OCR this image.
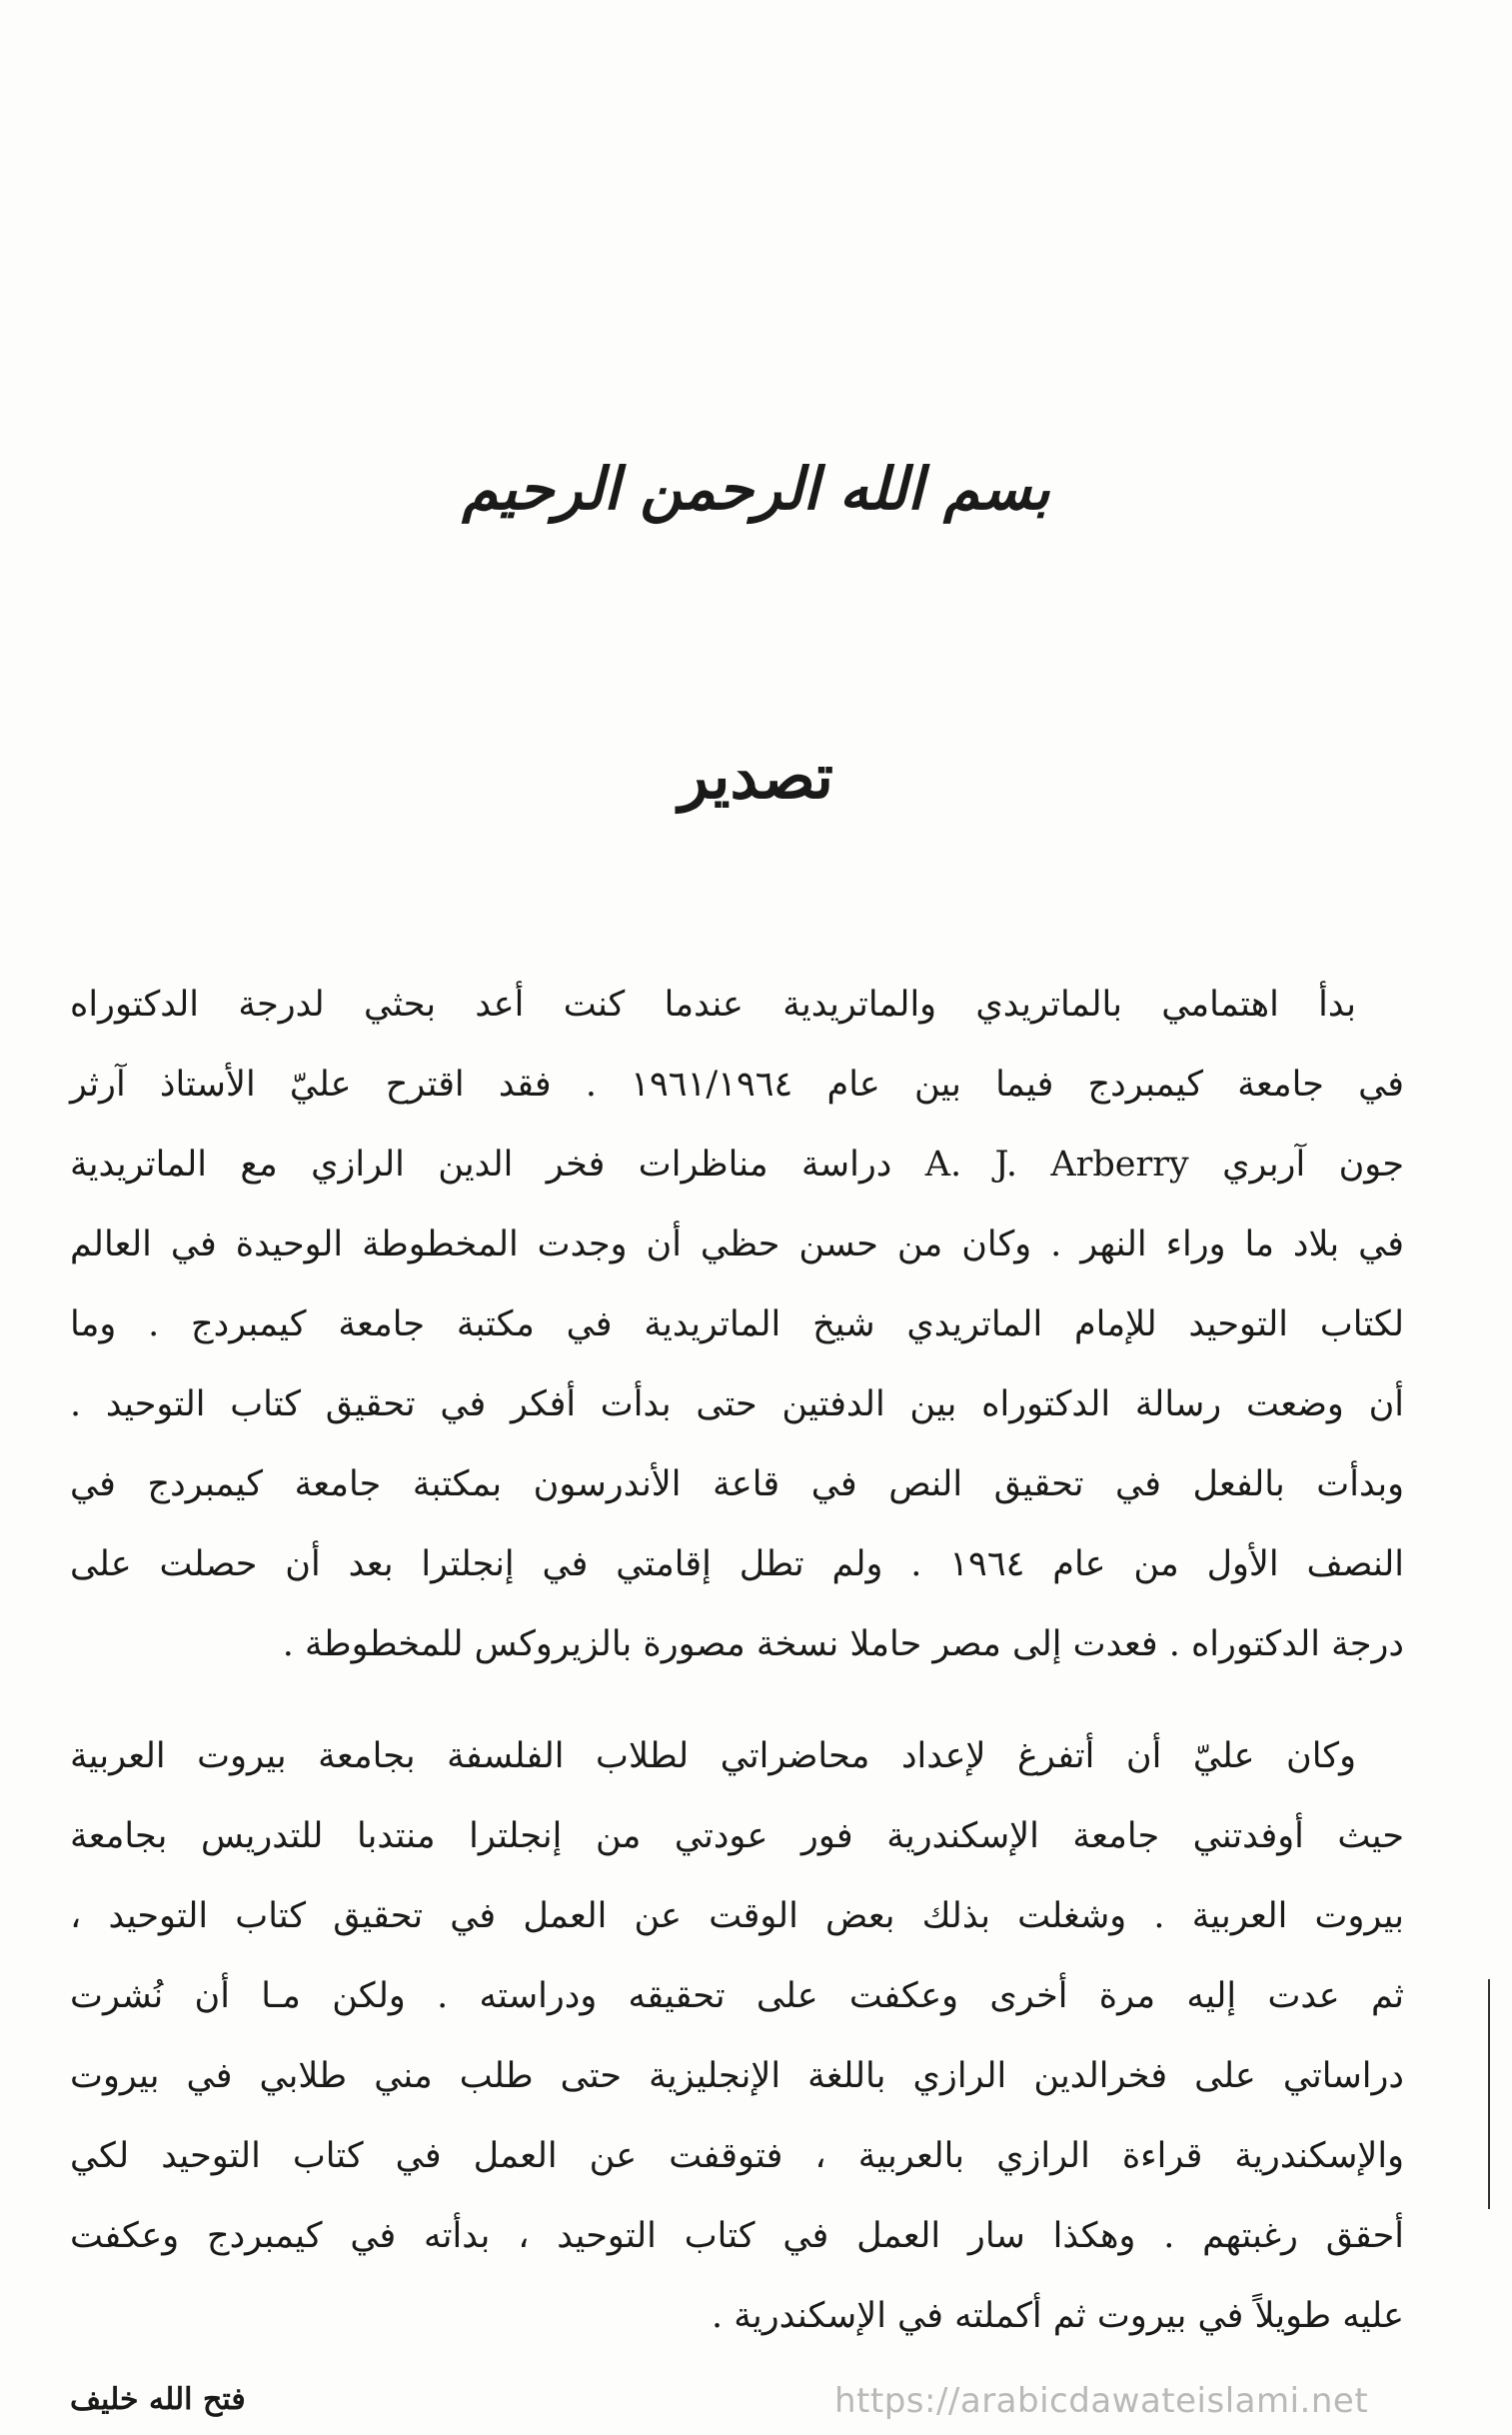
بسم الله الرحمن الرحيم
تصدير
بدأ اهتمامي بالماتريدي والماتريدية عندما كنت أعد بحثي لدرجة الدكتوراه
في جامعة كيمبردج فيما بين عام ١٩٦١/١٩٦٤ . فقد اقترح عليّ الأستاذ آرثر
جون آربري A. J. Arberry دراسة مناظرات فخر الدين الرازي مع الماتريدية
في بلاد ما وراء النهر . وكان من حسن حظي أن وجدت المخطوطة الوحيدة في العالم
لكتاب التوحيد للإمام الماتريدي شيخ الماتريدية في مكتبة جامعة كيمبردج . وما
أن وضعت رسالة الدكتوراه بين الدفتين حتى بدأت أفكر في تحقيق كتاب التوحيد .
وبدأت بالفعل في تحقيق النص في قاعة الأندرسون بمكتبة جامعة كيمبردج في
النصف الأول من عام ١٩٦٤ . ولم تطل إقامتي في إنجلترا بعد أن حصلت على
درجة الدكتوراه . فعدت إلى مصر حاملا نسخة مصورة بالزيروكس للمخطوطة .
وكان عليّ أن أتفرغ لإعداد محاضراتي لطلاب الفلسفة بجامعة بيروت العربية
حيث أوفدتني جامعة الإسكندرية فور عودتي من إنجلترا منتدبا للتدريس بجامعة
بيروت العربية . وشغلت بذلك بعض الوقت عن العمل في تحقيق كتاب التوحيد ،
ثم عدت إليه مرة أخرى وعكفت على تحقيقه ودراسته . ولكن مـا أن نُشرت
دراساتي على فخرالدين الرازي باللغة الإنجليزية حتى طلب مني طلابي في بيروت
والإسكندرية قراءة الرازي بالعربية ، فتوقفت عن العمل في كتاب التوحيد لكي
أحقق رغبتهم . وهكذا سار العمل في كتاب التوحيد ، بدأته في كيمبردج وعكفت
عليه طويلاً في بيروت ثم أكملته في الإسكندرية .
فتح الله خليف	https://arabicdawateislami.net
